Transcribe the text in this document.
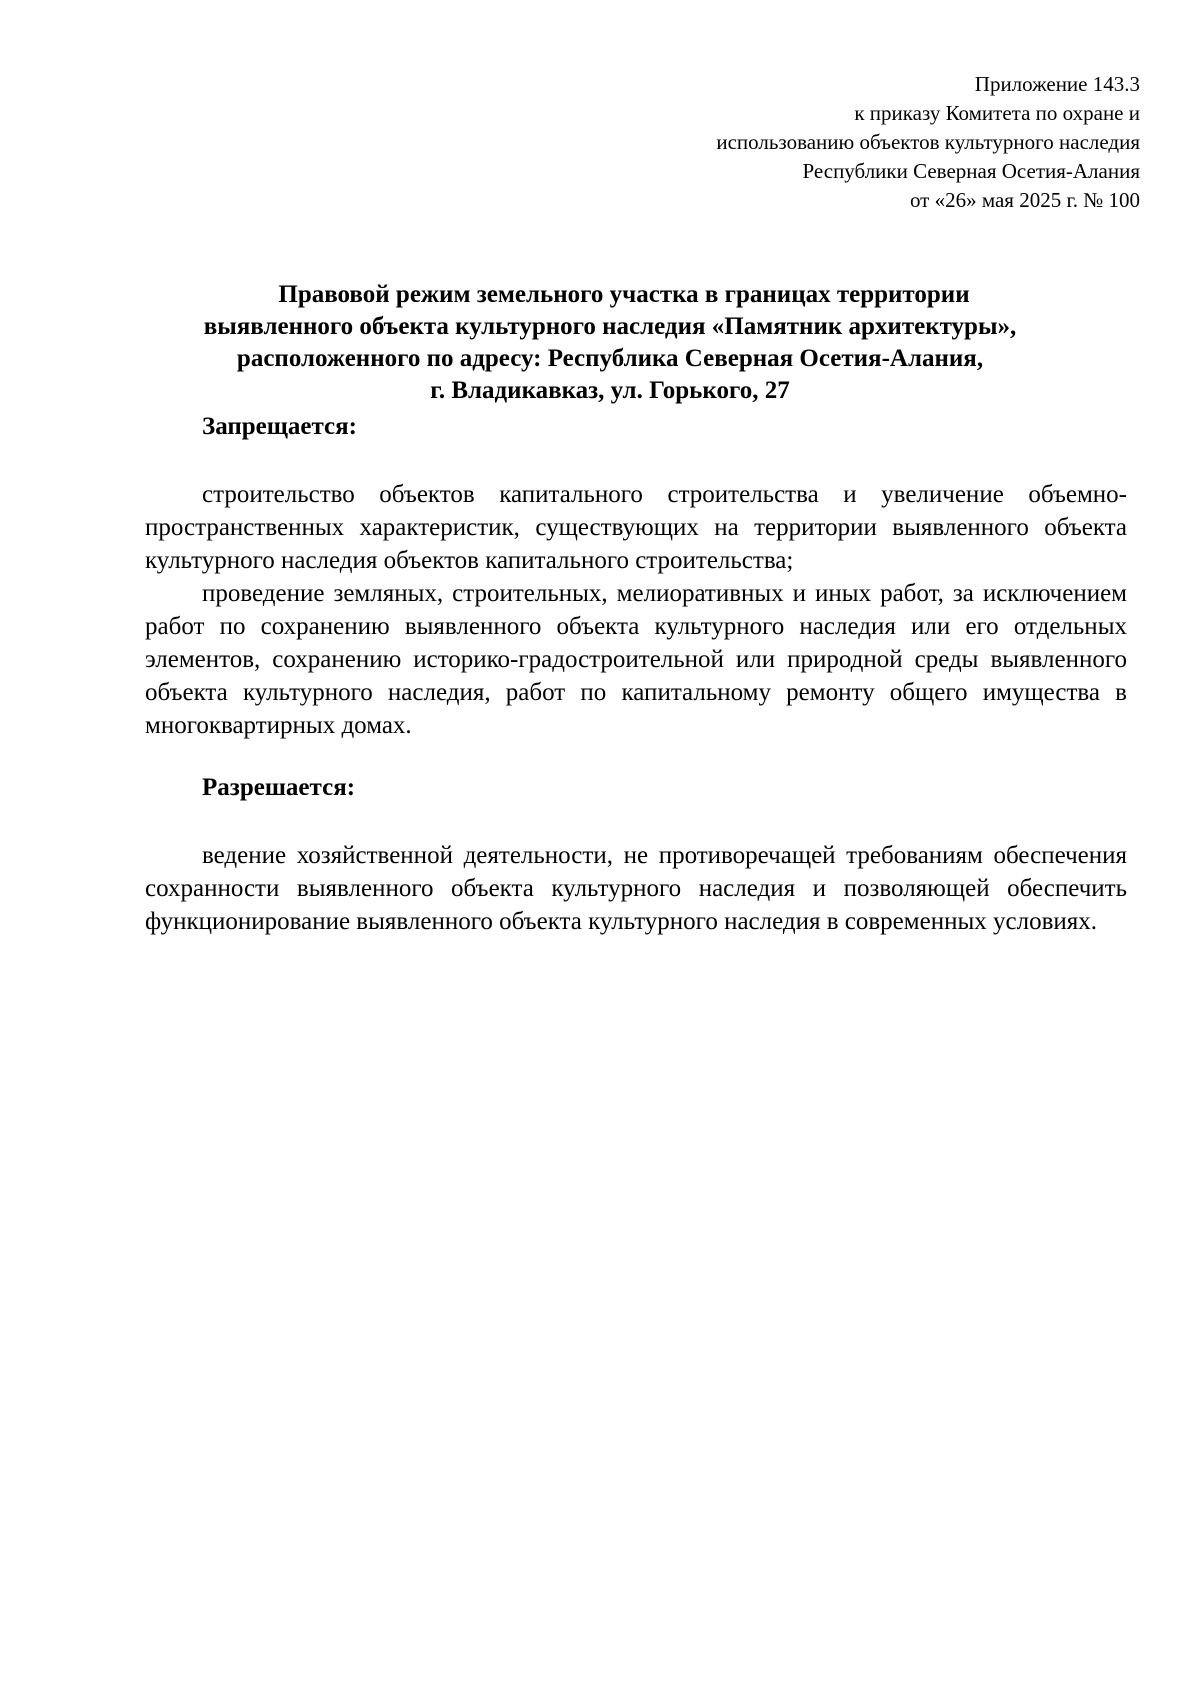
Приложение 143.3
к приказу Комитета по охране и
использованию объектов культурного наследия
Республики Северная Осетия-Алания
от «26» мая 2025 г. № 100
Правовой режим земельного участка в границах территории
выявленного объекта культурного наследия «Памятник архитектуры»,
расположенного по адресу: Республика Северная Осетия-Алания,
г. Владикавказ, ул. Горького, 27
Запрещается:

строительство объектов капитального строительства и увеличение объемно-пространственных характеристик, существующих на территории выявленного объекта культурного наследия объектов капитального строительства;

проведение земляных, строительных, мелиоративных и иных работ, за исключением работ по сохранению выявленного объекта культурного наследия или его отдельных элементов, сохранению историко-градостроительной или природной среды выявленного объекта культурного наследия, работ по капитальному ремонту общего имущества в многоквартирных домах.

Разрешается:

ведение хозяйственной деятельности, не противоречащей требованиям обеспечения сохранности выявленного объекта культурного наследия и позволяющей обеспечить функционирование выявленного объекта культурного наследия в современных условиях.
